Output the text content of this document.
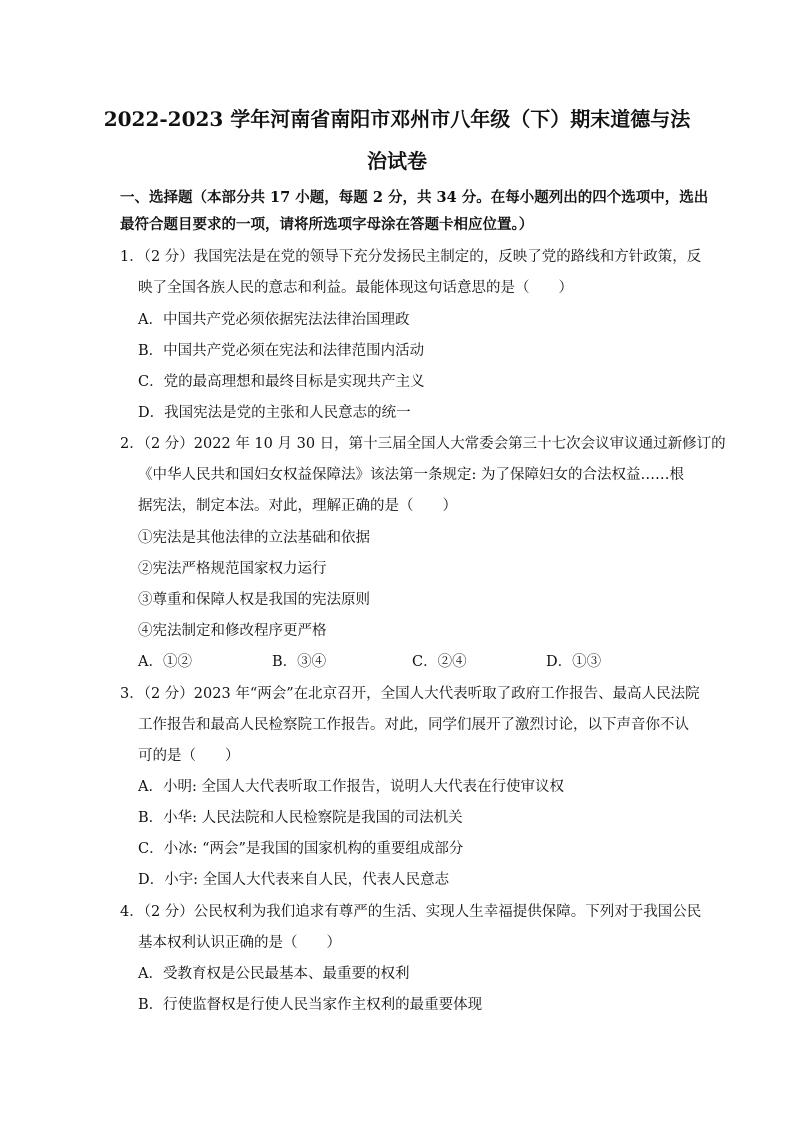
2022-2023 学年河南省南阳市邓州市八年级（下）期末道德与法
治试卷
一、选择题（本部分共 17 小题，每题 2 分，共 34 分。在每小题列出的四个选项中，选出
最符合题目要求的一项，请将所选项字母涂在答题卡相应位置。）
1．（2 分）我国宪法是在党的领导下充分发扬民主制定的，反映了党的路线和方针政策，反
映了全国各族人民的意志和利益。最能体现这句话意思的是（　　）
A．中国共产党必须依据宪法法律治国理政
B．中国共产党必须在宪法和法律范围内活动
C．党的最高理想和最终目标是实现共产主义
D．我国宪法是党的主张和人民意志的统一
2．（2 分）2022 年 10 月 30 日，第十三届全国人大常委会第三十七次会议审议通过新修订的
《中华人民共和国妇女权益保障法》该法第一条规定: 为了保障妇女的合法权益……根
据宪法，制定本法。对此，理解正确的是（　　）
①宪法是其他法律的立法基础和依据
②宪法严格规范国家权力运行
③尊重和保障人权是我国的宪法原则
④宪法制定和修改程序更严格
A．①②	B．③④	C．②④	D．①③
3．（2 分）2023 年“两会”在北京召开，全国人大代表听取了政府工作报告、最高人民法院
工作报告和最高人民检察院工作报告。对此，同学们展开了激烈讨论，以下声音你不认
可的是（　　）
A．小明: 全国人大代表听取工作报告，说明人大代表在行使审议权
B．小华: 人民法院和人民检察院是我国的司法机关
C．小冰: “两会”是我国的国家机构的重要组成部分
D．小宇: 全国人大代表来自人民，代表人民意志
4．（2 分）公民权利为我们追求有尊严的生活、实现人生幸福提供保障。下列对于我国公民
基本权利认识正确的是（　　）
A．受教育权是公民最基本、最重要的权利
B．行使监督权是行使人民当家作主权利的最重要体现
